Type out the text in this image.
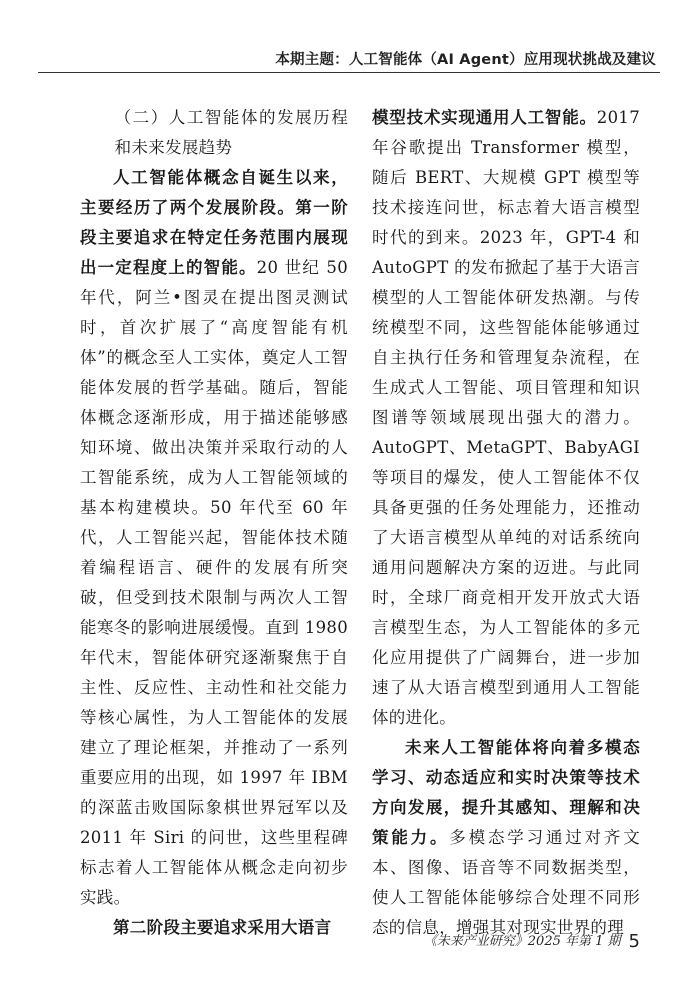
本期主题：人工智能体（AI Agent）应用现状挑战及建议

（二）人工智能体的发展历程和未来发展趋势

人工智能体概念自诞生以来，主要经历了两个发展阶段。第一阶段主要追求在特定任务范围内展现出一定程度上的智能。20 世纪 50 年代，阿兰•图灵在提出图灵测试时，首次扩展了“高度智能有机体”的概念至人工实体，奠定人工智能体发展的哲学基础。随后，智能体概念逐渐形成，用于描述能够感知环境、做出决策并采取行动的人工智能系统，成为人工智能领域的基本构建模块。50 年代至 60 年代，人工智能兴起，智能体技术随着编程语言、硬件的发展有所突破，但受到技术限制与两次人工智能寒冬的影响进展缓慢。直到 1980 年代末，智能体研究逐渐聚焦于自主性、反应性、主动性和社交能力等核心属性，为人工智能体的发展建立了理论框架，并推动了一系列重要应用的出现，如 1997 年 IBM 的深蓝击败国际象棋世界冠军以及 2011 年 Siri 的问世，这些里程碑标志着人工智能体从概念走向初步实践。

第二阶段主要追求采用大语言

模型技术实现通用人工智能。2017 年谷歌提出 Transformer 模型，随后 BERT、大规模 GPT 模型等技术接连问世，标志着大语言模型时代的到来。2023 年，GPT-4 和 AutoGPT 的发布掀起了基于大语言模型的人工智能体研发热潮。与传统模型不同，这些智能体能够通过自主执行任务和管理复杂流程，在生成式人工智能、项目管理和知识图谱等领域展现出强大的潜力。AutoGPT、MetaGPT、BabyAGI 等项目的爆发，使人工智能体不仅具备更强的任务处理能力，还推动了大语言模型从单纯的对话系统向通用问题解决方案的迈进。与此同时，全球厂商竞相开发开放式大语言模型生态，为人工智能体的多元化应用提供了广阔舞台，进一步加速了从大语言模型到通用人工智能体的进化。

未来人工智能体将向着多模态学习、动态适应和实时决策等技术方向发展，提升其感知、理解和决策能力。多模态学习通过对齐文本、图像、语音等不同数据类型，使人工智能体能够综合处理不同形态的信息，增强其对现实世界的理

《未来产业研究》2025 年第 1 期 5
